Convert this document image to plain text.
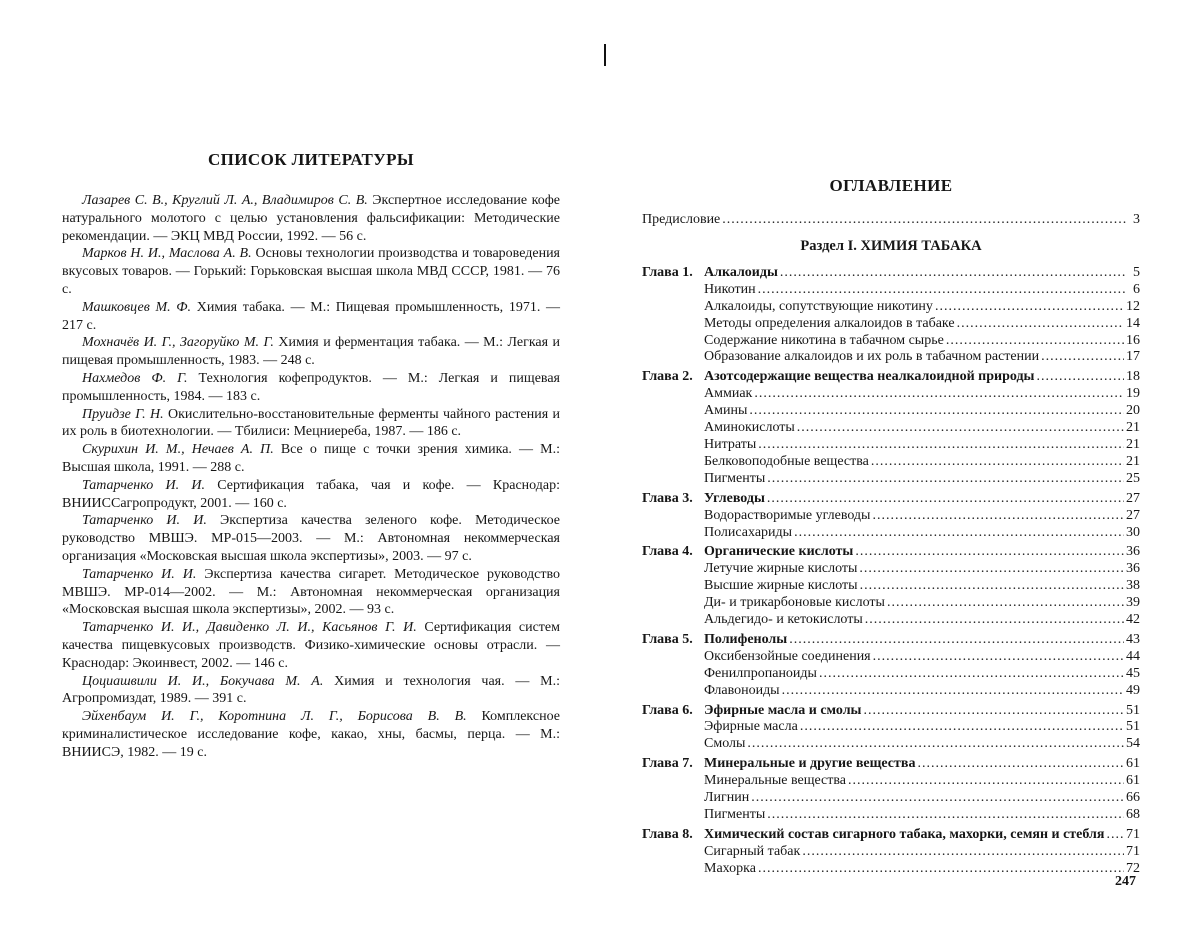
СПИСОК ЛИТЕРАТУРЫ

Лазарев С. В., Круглий Л. А., Владимиров С. В. Экспертное исследование кофе натурального молотого с целью установления фальсификации: Методические рекомендации. — ЭКЦ МВД России, 1992. — 56 с.

Марков Н. И., Маслова А. В. Основы технологии производства и товароведения вкусовых товаров. — Горький: Горьковская высшая школа МВД СССР, 1981. — 76 с.

Машковцев М. Ф. Химия табака. — М.: Пищевая промышленность, 1971. — 217 с.

Мохначёв И. Г., Загоруйко М. Г. Химия и ферментация табака. — М.: Легкая и пищевая промышленность, 1983. — 248 с.

Нахмедов Ф. Г. Технология кофепродуктов. — М.: Легкая и пищевая промышленность, 1984. — 183 с.

Пруидзе Г. Н. Окислительно-восстановительные ферменты чайного растения и их роль в биотехнологии. — Тбилиси: Мецниереба, 1987. — 186 с.

Скурихин И. М., Нечаев А. П. Все о пище с точки зрения химика. — М.: Высшая школа, 1991. — 288 с.

Татарченко И. И. Сертификация табака, чая и кофе. — Краснодар: ВНИИСCагропродукт, 2001. — 160 с.

Татарченко И. И. Экспертиза качества зеленого кофе. Методическое руководство МВШЭ. МР-015—2003. — М.: Автономная некоммерческая организация «Московская высшая школа экспертизы», 2003. — 97 с.

Татарченко И. И. Экспертиза качества сигарет. Методическое руководство МВШЭ. МР-014—2002. — М.: Автономная некоммерческая организация «Московская высшая школа экспертизы», 2002. — 93 с.

Татарченко И. И., Давиденко Л. И., Касьянов Г. И. Сертификация систем качества пищевкусовых производств. Физико-химические основы отрасли. — Краснодар: Экоинвест, 2002. — 146 с.

Цоциашвили И. И., Бокучава М. А. Химия и технология чая. — М.: Агропромиздат, 1989. — 391 с.

Эйхенбаум И. Г., Коротнина Л. Г., Борисова В. В. Комплексное криминалистическое исследование кофе, какао, хны, басмы, перца. — М.: ВНИИСЭ, 1982. — 19 с.

ОГЛАВЛЕНИЕ
Предисловие .....	3
Раздел I. ХИМИЯ ТАБАКА
Глава 1. Алкалоиды .....	5
Никотин .....	6
Алкалоиды, сопутствующие никотину .....	12
Методы определения алкалоидов в табаке .....	14
Содержание никотина в табачном сырье .....	16
Образование алкалоидов и их роль в табачном растении .....	17
Глава 2. Азотсодержащие вещества неалкалоидной природы .....	18
Аммиак .....	19
Амины .....	20
Аминокислоты .....	21
Нитраты .....	21
Белковоподобные вещества .....	21
Пигменты .....	25
Глава 3. Углеводы .....	27
Водорастворимые углеводы .....	27
Полисахариды .....	30
Глава 4. Органические кислоты .....	36
Летучие жирные кислоты .....	36
Высшие жирные кислоты .....	38
Ди- и трикарбоновые кислоты .....	39
Альдегидо- и кетокислоты .....	42
Глава 5. Полифенолы .....	43
Оксибензойные соединения .....	44
Фенилпропаноиды .....	45
Флавоноиды .....	49
Глава 6. Эфирные масла и смолы .....	51
Эфирные масла .....	51
Смолы .....	54
Глава 7. Минеральные и другие вещества .....	61
Минеральные вещества .....	61
Лигнин .....	66
Пигменты .....	68
Глава 8. Химический состав сигарного табака, махорки, семян и стебля ..... 71
Сигарный табак .....	71
Махорка .....	72
247
